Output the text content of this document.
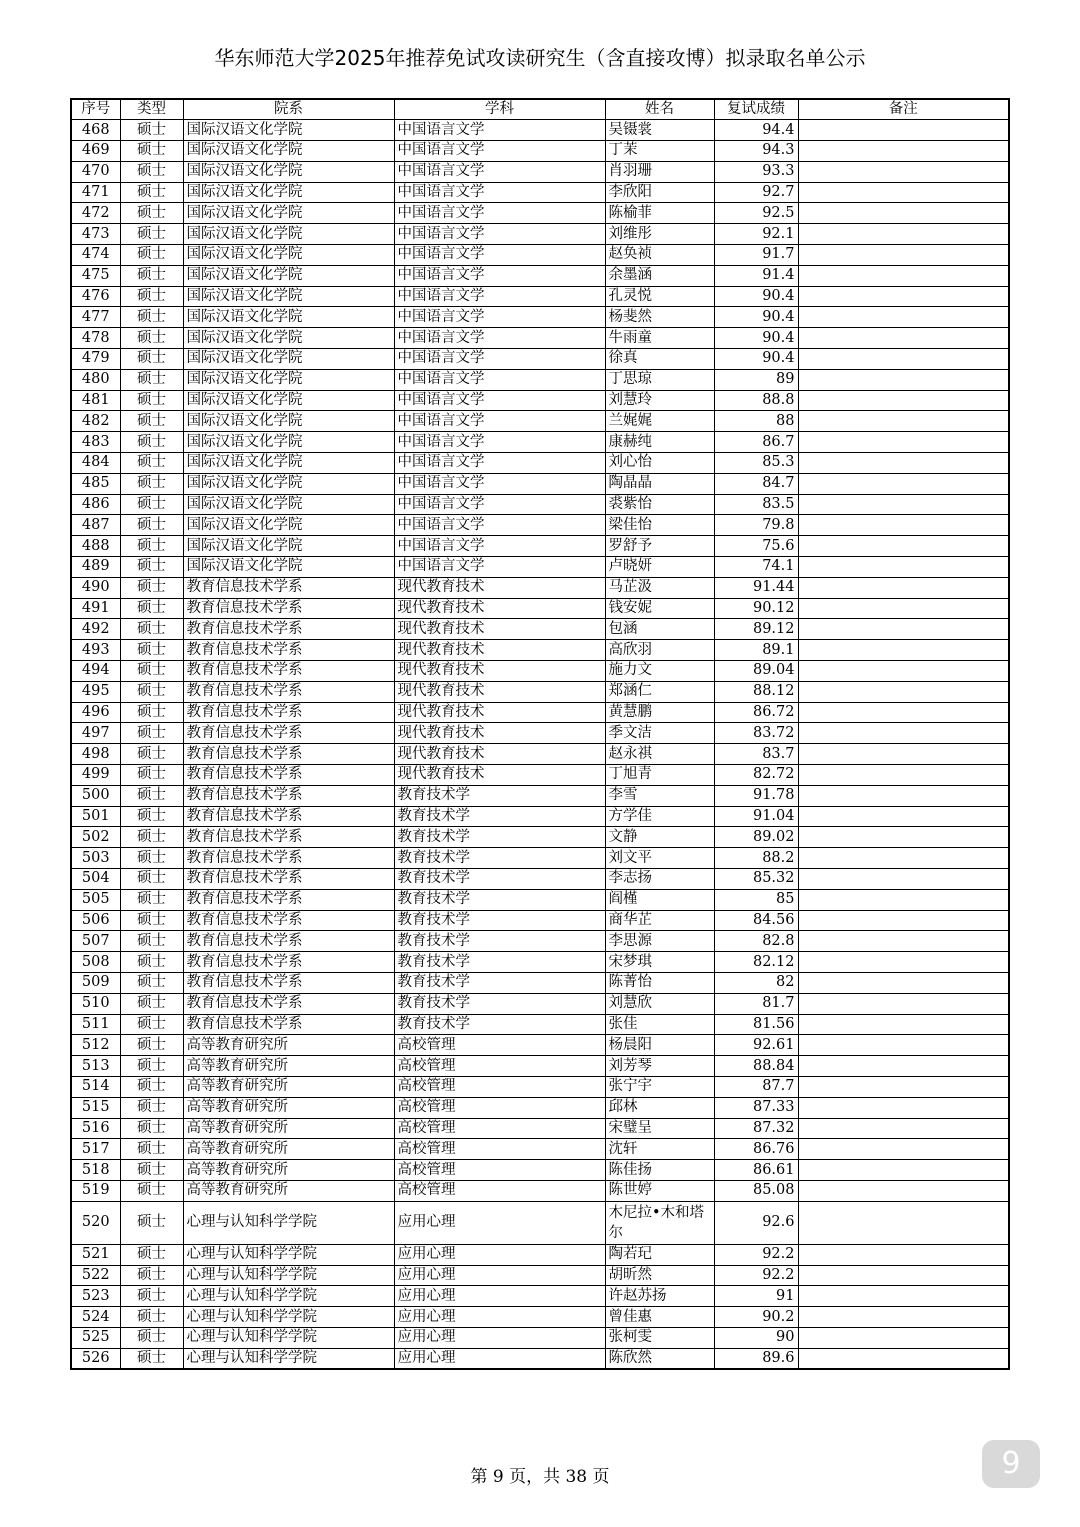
华东师范大学2025年推荐免试攻读研究生（含直接攻博）拟录取名单公示
序号	类型	院系	学科	姓名	复试成绩	备注
468	硕士	国际汉语文化学院	中国语言文学	吴镊裳	94.4	
469	硕士	国际汉语文化学院	中国语言文学	丁茉	94.3	
470	硕士	国际汉语文化学院	中国语言文学	肖羽珊	93.3	
471	硕士	国际汉语文化学院	中国语言文学	李欣阳	92.7	
472	硕士	国际汉语文化学院	中国语言文学	陈榆菲	92.5	
473	硕士	国际汉语文化学院	中国语言文学	刘维彤	92.1	
474	硕士	国际汉语文化学院	中国语言文学	赵奂祯	91.7	
475	硕士	国际汉语文化学院	中国语言文学	余墨涵	91.4	
476	硕士	国际汉语文化学院	中国语言文学	孔灵悦	90.4	
477	硕士	国际汉语文化学院	中国语言文学	杨斐然	90.4	
478	硕士	国际汉语文化学院	中国语言文学	牛雨童	90.4	
479	硕士	国际汉语文化学院	中国语言文学	徐真	90.4	
480	硕士	国际汉语文化学院	中国语言文学	丁思琼	89	
481	硕士	国际汉语文化学院	中国语言文学	刘慧玲	88.8	
482	硕士	国际汉语文化学院	中国语言文学	兰娓娓	88	
483	硕士	国际汉语文化学院	中国语言文学	康赫纯	86.7	
484	硕士	国际汉语文化学院	中国语言文学	刘心怡	85.3	
485	硕士	国际汉语文化学院	中国语言文学	陶晶晶	84.7	
486	硕士	国际汉语文化学院	中国语言文学	裘紫怡	83.5	
487	硕士	国际汉语文化学院	中国语言文学	梁佳怡	79.8	
488	硕士	国际汉语文化学院	中国语言文学	罗舒予	75.6	
489	硕士	国际汉语文化学院	中国语言文学	卢晓妍	74.1	
490	硕士	教育信息技术学系	现代教育技术	马芷汲	91.44	
491	硕士	教育信息技术学系	现代教育技术	钱安妮	90.12	
492	硕士	教育信息技术学系	现代教育技术	包涵	89.12	
493	硕士	教育信息技术学系	现代教育技术	高欣羽	89.1	
494	硕士	教育信息技术学系	现代教育技术	施力文	89.04	
495	硕士	教育信息技术学系	现代教育技术	郑涵仁	88.12	
496	硕士	教育信息技术学系	现代教育技术	黄慧鹏	86.72	
497	硕士	教育信息技术学系	现代教育技术	季文洁	83.72	
498	硕士	教育信息技术学系	现代教育技术	赵永祺	83.7	
499	硕士	教育信息技术学系	现代教育技术	丁旭青	82.72	
500	硕士	教育信息技术学系	教育技术学	李雪	91.78	
501	硕士	教育信息技术学系	教育技术学	方学佳	91.04	
502	硕士	教育信息技术学系	教育技术学	文静	89.02	
503	硕士	教育信息技术学系	教育技术学	刘文平	88.2	
504	硕士	教育信息技术学系	教育技术学	李志扬	85.32	
505	硕士	教育信息技术学系	教育技术学	阎槿	85	
506	硕士	教育信息技术学系	教育技术学	商华芷	84.56	
507	硕士	教育信息技术学系	教育技术学	李思源	82.8	
508	硕士	教育信息技术学系	教育技术学	宋梦琪	82.12	
509	硕士	教育信息技术学系	教育技术学	陈菁怡	82	
510	硕士	教育信息技术学系	教育技术学	刘慧欣	81.7	
511	硕士	教育信息技术学系	教育技术学	张佳	81.56	
512	硕士	高等教育研究所	高校管理	杨晨阳	92.61	
513	硕士	高等教育研究所	高校管理	刘芳琴	88.84	
514	硕士	高等教育研究所	高校管理	张宁宇	87.7	
515	硕士	高等教育研究所	高校管理	邱林	87.33	
516	硕士	高等教育研究所	高校管理	宋璧呈	87.32	
517	硕士	高等教育研究所	高校管理	沈轩	86.76	
518	硕士	高等教育研究所	高校管理	陈佳扬	86.61	
519	硕士	高等教育研究所	高校管理	陈世婷	85.08	
520	硕士	心理与认知科学学院	应用心理	木尼拉•木和塔尔	92.6	
521	硕士	心理与认知科学学院	应用心理	陶若玘	92.2	
522	硕士	心理与认知科学学院	应用心理	胡昕然	92.2	
523	硕士	心理与认知科学学院	应用心理	许赵苏扬	91	
524	硕士	心理与认知科学学院	应用心理	曾佳惠	90.2	
525	硕士	心理与认知科学学院	应用心理	张柯雯	90	
526	硕士	心理与认知科学学院	应用心理	陈欣然	89.6	
第 9 页，共 38 页	9
